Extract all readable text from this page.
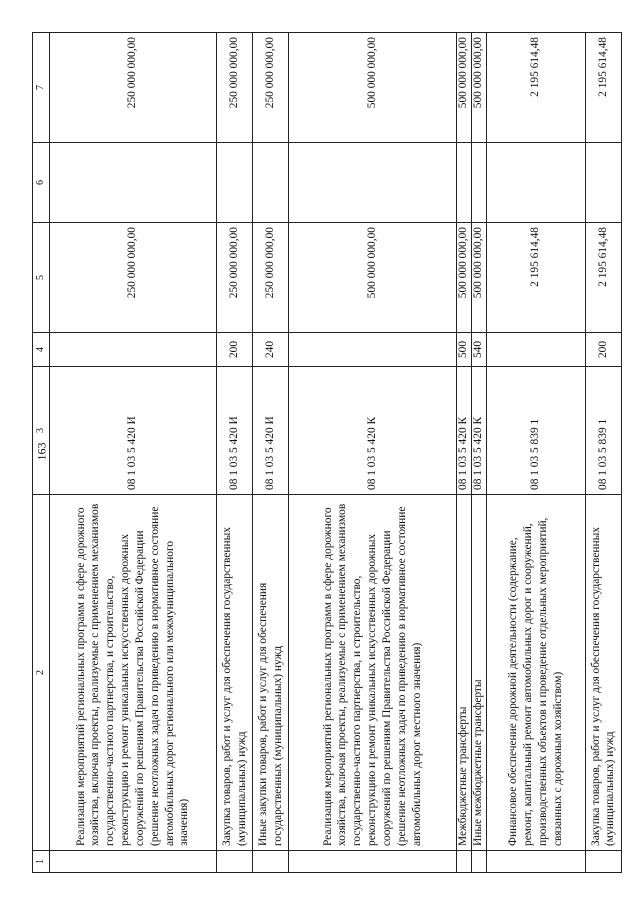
163
1	2	3	4	5	6	7
	Реализация мероприятий региональных программ в сфере дорожного хозяйства, включая проекты, реализуемые с применением механизмов государственно-частного партнерства, и строительство, реконструкцию и ремонт уникальных искусственных дорожных сооружений по решениям Правительства Российской Федерации (решение неотложных задач по приведению в нормативное состояние автомобильных дорог регионального или межмуниципального значения)	08 1 03 5 420 И		250 000 000,00		250 000 000,00
	Закупка товаров, работ и услуг для обеспечения государственных (муниципальных) нужд	08 1 03 5 420 И	200	250 000 000,00		250 000 000,00
	Иные закупки товаров, работ и услуг для обеспечения государственных (муниципальных) нужд	08 1 03 5 420 И	240	250 000 000,00		250 000 000,00
	Реализация мероприятий региональных программ в сфере дорожного хозяйства, включая проекты, реализуемые с применением механизмов государственно-частного партнерства, и строительство, реконструкцию и ремонт уникальных искусственных дорожных сооружений по решениям Правительства Российской Федерации (решение неотложных задач по приведению в нормативное состояние автомобильных дорог местного значения)	08 1 03 5 420 К		500 000 000,00		500 000 000,00
	Межбюджетные трансферты	08 1 03 5 420 К	500	500 000 000,00		500 000 000,00
	Иные межбюджетные трансферты	08 1 03 5 420 К	540	500 000 000,00		500 000 000,00
	Финансовое обеспечение дорожной деятельности (содержание, ремонт, капитальный ремонт автомобильных дорог и сооружений, производственных объектов и проведение отдельных мероприятий, связанных с дорожным хозяйством)	08 1 03 5 839 1		2 195 614,48		2 195 614,48
	Закупка товаров, работ и услуг для обеспечения государственных (муниципальных) нужд	08 1 03 5 839 1	200	2 195 614,48		2 195 614,48
